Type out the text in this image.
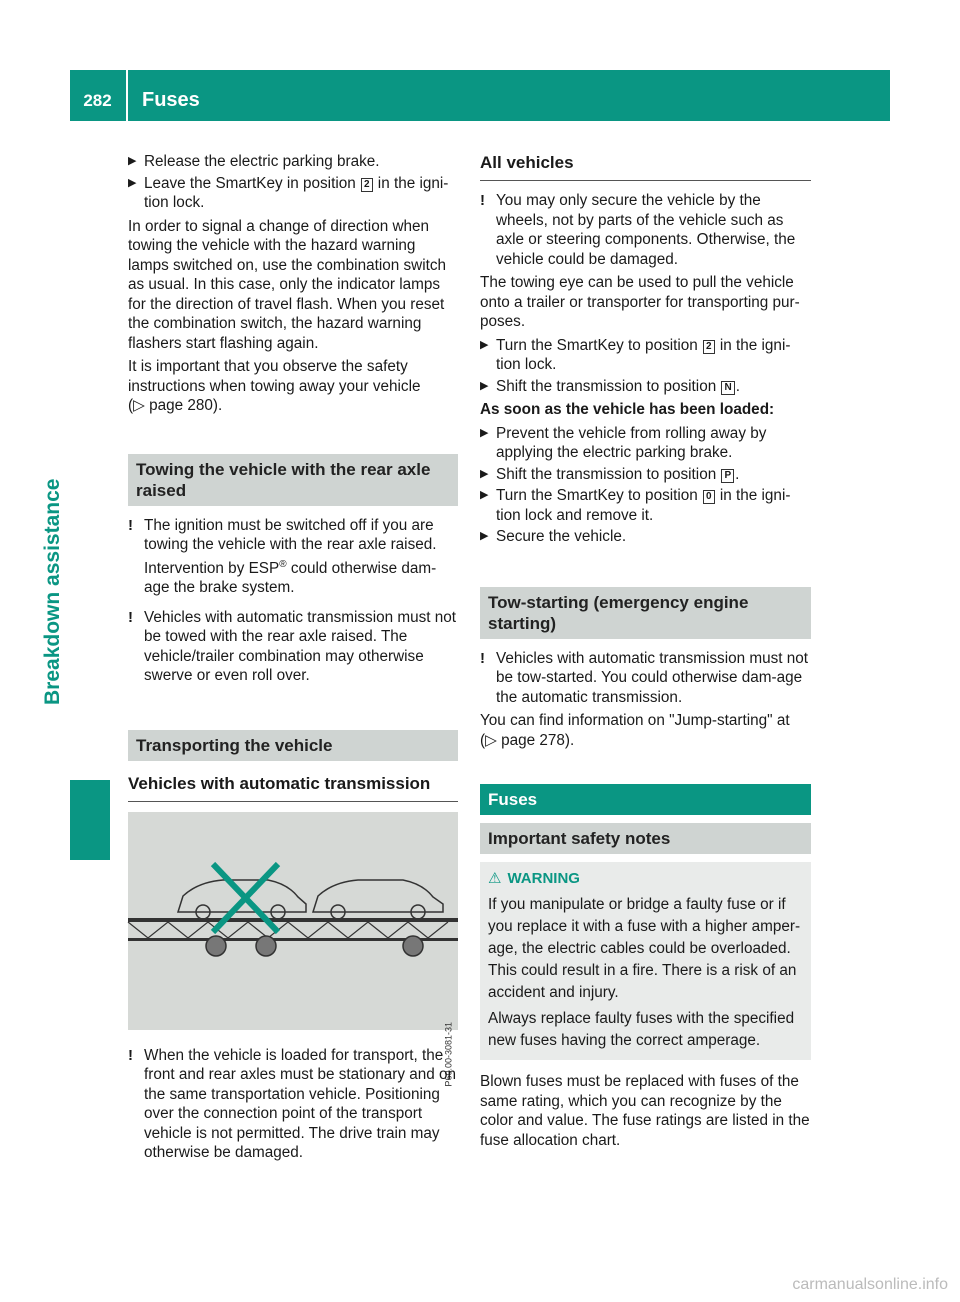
282	Fuses
Breakdown assistance

▶ Release the electric parking brake.

▶ Leave the SmartKey in position 2 in the igni-tion lock.

In order to signal a change of direction when towing the vehicle with the hazard warning lamps switched on, use the combination switch as usual. In this case, only the indicator lamps for the direction of travel flash. When you reset the combination switch, the hazard warning flashers start flashing again.

It is important that you observe the safety instructions when towing away your vehicle
(▷ page 280).

Towing the vehicle with the rear axle raised

! The ignition must be switched off if you are towing the vehicle with the rear axle raised. Intervention by ESP® could otherwise dam-age the brake system.

! Vehicles with automatic transmission must not be towed with the rear axle raised. The vehicle/trailer combination may otherwise swerve or even roll over.

Transporting the vehicle
Vehicles with automatic transmission
P60.00-3081-31

! When the vehicle is loaded for transport, the front and rear axles must be stationary and on the same transportation vehicle. Positioning over the connection point of the transport vehicle is not permitted. The drive train may otherwise be damaged.

All vehicles

! You may only secure the vehicle by the wheels, not by parts of the vehicle such as axle or steering components. Otherwise, the vehicle could be damaged.

The towing eye can be used to pull the vehicle onto a trailer or transporter for transporting pur-poses.

▶ Turn the SmartKey to position 2 in the igni-tion lock.

▶ Shift the transmission to position N .

As soon as the vehicle has been loaded:

▶ Prevent the vehicle from rolling away by applying the electric parking brake.

▶ Shift the transmission to position P .

▶ Turn the SmartKey to position 0 in the igni-tion lock and remove it.

▶ Secure the vehicle.

Tow-starting (emergency engine starting)

! Vehicles with automatic transmission must not be tow-started. You could otherwise dam-age the automatic transmission.

You can find information on "Jump-starting" at
(▷ page 278).

Fuses
Important safety notes
⚠ WARNING

If you manipulate or bridge a faulty fuse or if you replace it with a fuse with a higher amper-age, the electric cables could be overloaded. This could result in a fire. There is a risk of an accident and injury.

Always replace faulty fuses with the specified new fuses having the correct amperage.

Blown fuses must be replaced with fuses of the same rating, which you can recognize by the color and value. The fuse ratings are listed in the fuse allocation chart.

carmanualsonline.info
